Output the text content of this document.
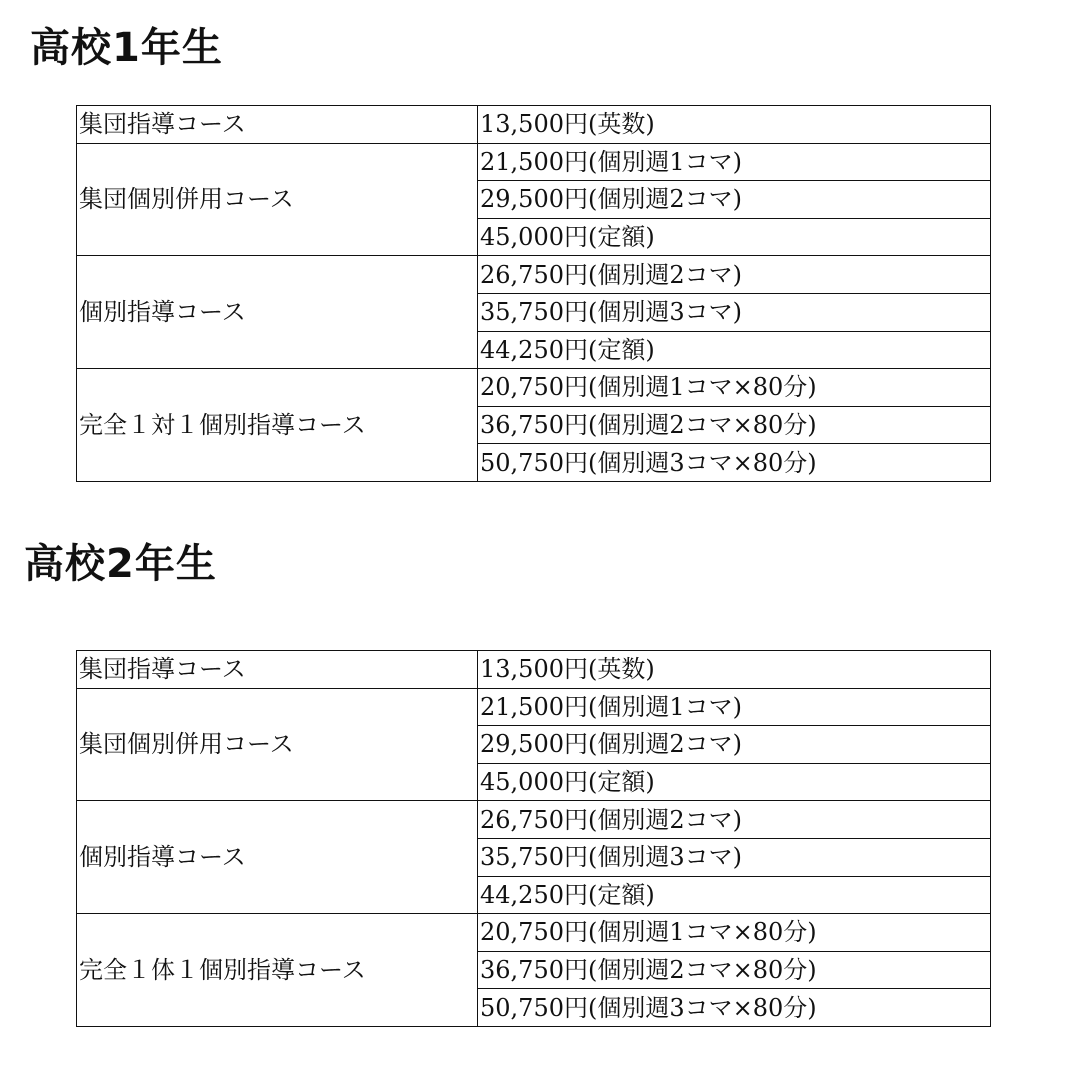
高校1年生
集団指導コース	13,500円(英数)
集団個別併用コース	21,500円(個別週1コマ)
	29,500円(個別週2コマ)
	45,000円(定額)
個別指導コース	26,750円(個別週2コマ)
	35,750円(個別週3コマ)
	44,250円(定額)
完全１対１個別指導コース	20,750円(個別週1コマ×80分)
	36,750円(個別週2コマ×80分)
	50,750円(個別週3コマ×80分)
高校2年生
集団指導コース	13,500円(英数)
集団個別併用コース	21,500円(個別週1コマ)
	29,500円(個別週2コマ)
	45,000円(定額)
個別指導コース	26,750円(個別週2コマ)
	35,750円(個別週3コマ)
	44,250円(定額)
完全１体１個別指導コース	20,750円(個別週1コマ×80分)
	36,750円(個別週2コマ×80分)
	50,750円(個別週3コマ×80分)
